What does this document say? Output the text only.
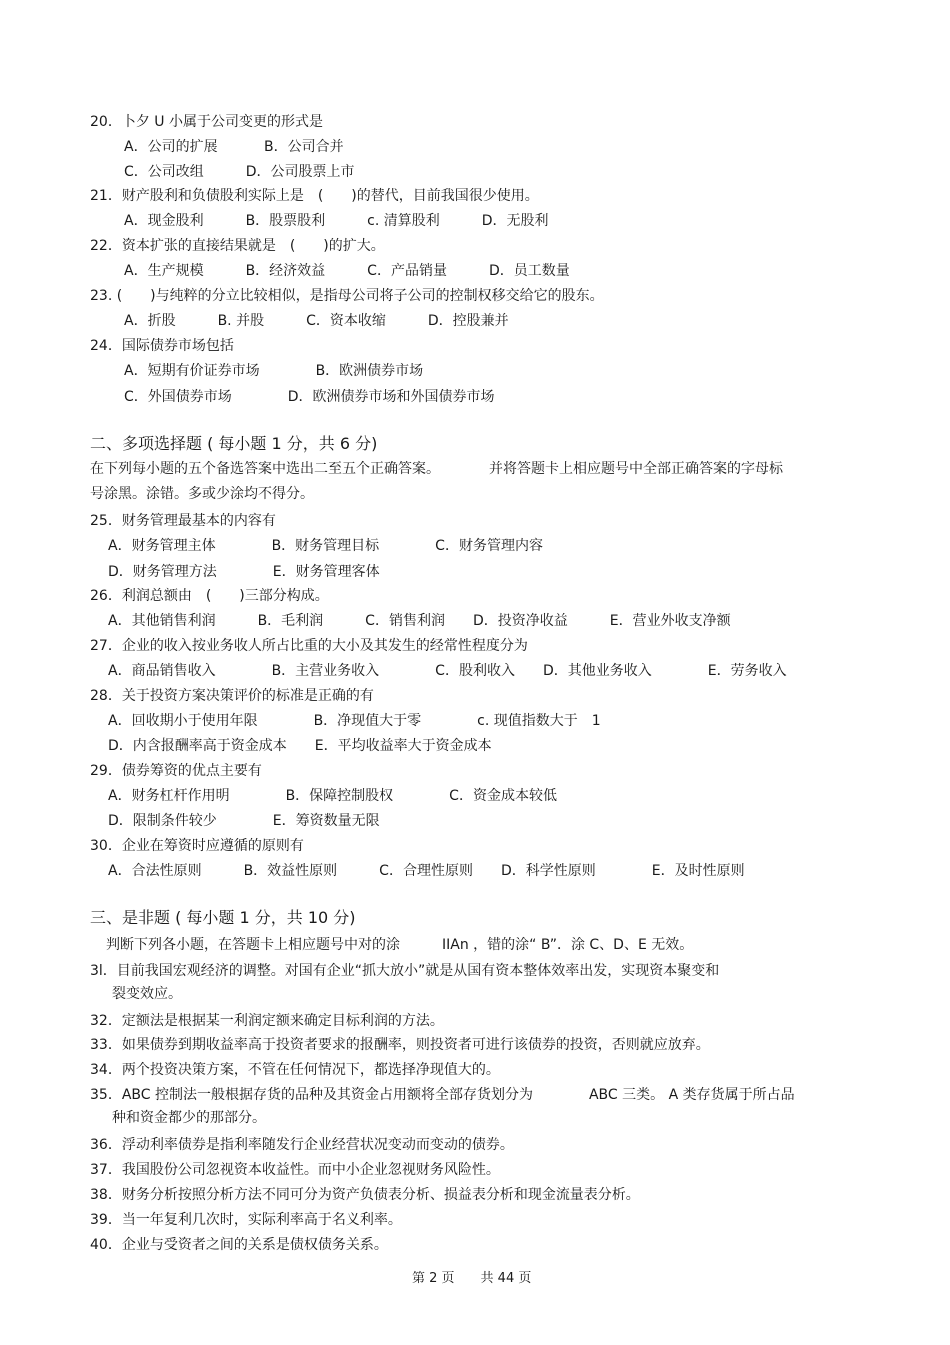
20．卜夕 U 小属于公司变更的形式是
A．公司的扩展　　　 B．公司合并
C．公司改组　　　D．公司股票上市
21．财产股利和负债股利实际上是　(　　)的替代，目前我国很少使用。
A．现金股利　　　B．股票股利　　　c. 清算股利　　　D．无股利
22．资本扩张的直接结果就是　(　　)的扩大。
A．生产规模　　　B．经济效益　　　C．产品销量　　　D．员工数量
23. (　　)与纯粹的分立比较相似，是指母公司将子公司的控制权移交给它的股东。
A．折股　　　B. 并股　　　C．资本收缩　　　D．控股兼并
24．国际债券市场包括
A．短期有价证券市场　　　　B．欧洲债券市场
C．外国债券市场　　　　D．欧洲债券市场和外国债券市场
二、多项选择题 ( 每小题 1 分，共 6 分)
在下列每小题的五个备选答案中选出二至五个正确答案。　　　　并将答题卡上相应题号中全部正确答案的字母标
号涂黑。涂错。多或少涂均不得分。
25．财务管理最基本的内容有
A．财务管理主体　　　　B．财务管理目标　　　　C．财务管理内容
D．财务管理方法　　　　E．财务管理客体
26．利润总额由　(　　)三部分构成。
A．其他销售利润　　　B．毛利润　　　C．销售利润　　D．投资净收益　　　E．营业外收支净额
27．企业的收入按业务收人所占比重的大小及其发生的经常性程度分为
A．商品销售收入　　　　B．主营业务收入　　　　C．股利收入　　D．其他业务收入　　　　E．劳务收入
28．关于投资方案决策评价的标准是正确的有
A．回收期小于使用年限　　　　B．净现值大于零　　　　c. 现值指数大于　1
D．内含报酬率高于资金成本　　E．平均收益率大于资金成本
29．债券筹资的优点主要有
A．财务杠杆作用明　　　　B．保障控制股权　　　　C．资金成本较低
D．限制条件较少　　　　E．筹资数量无限
30．企业在筹资时应遵循的原则有
A．合法性原则　　　B．效益性原则　　　C．合理性原则　　D．科学性原则　　　　E．及时性原则
三、是非题 ( 每小题 1 分，共 10 分)
判断下列各小题，在答题卡上相应题号中对的涂　　　IIAn ，错的涂“ B”．涂 C、D、E 无效。
3l．目前我国宏观经济的调整。对国有企业“抓大放小”就是从国有资本整体效率出发，实现资本聚变和
裂变效应。
32．定额法是根据某一利润定额来确定目标利润的方法。
33．如果债券到期收益率高于投资者要求的报酬率，则投资者可进行该债券的投资，否则就应放弃。
34．两个投资决策方案，不管在任何情况下，都选择净现值大的。
35．ABC 控制法一般根据存货的品种及其资金占用额将全部存货划分为　　　　ABC 三类。 A 类存货属于所占品
种和资金都少的那部分。
36．浮动利率债券是指利率随发行企业经营状况变动而变动的债券。
37．我国股份公司忽视资本收益性。而中小企业忽视财务风险性。
38．财务分析按照分析方法不同可分为资产负债表分析、损益表分析和现金流量表分析。
39．当一年复利几次时，实际利率高于名义利率。
40．企业与受资者之间的关系是债权债务关系。
第 2 页　　共 44 页
